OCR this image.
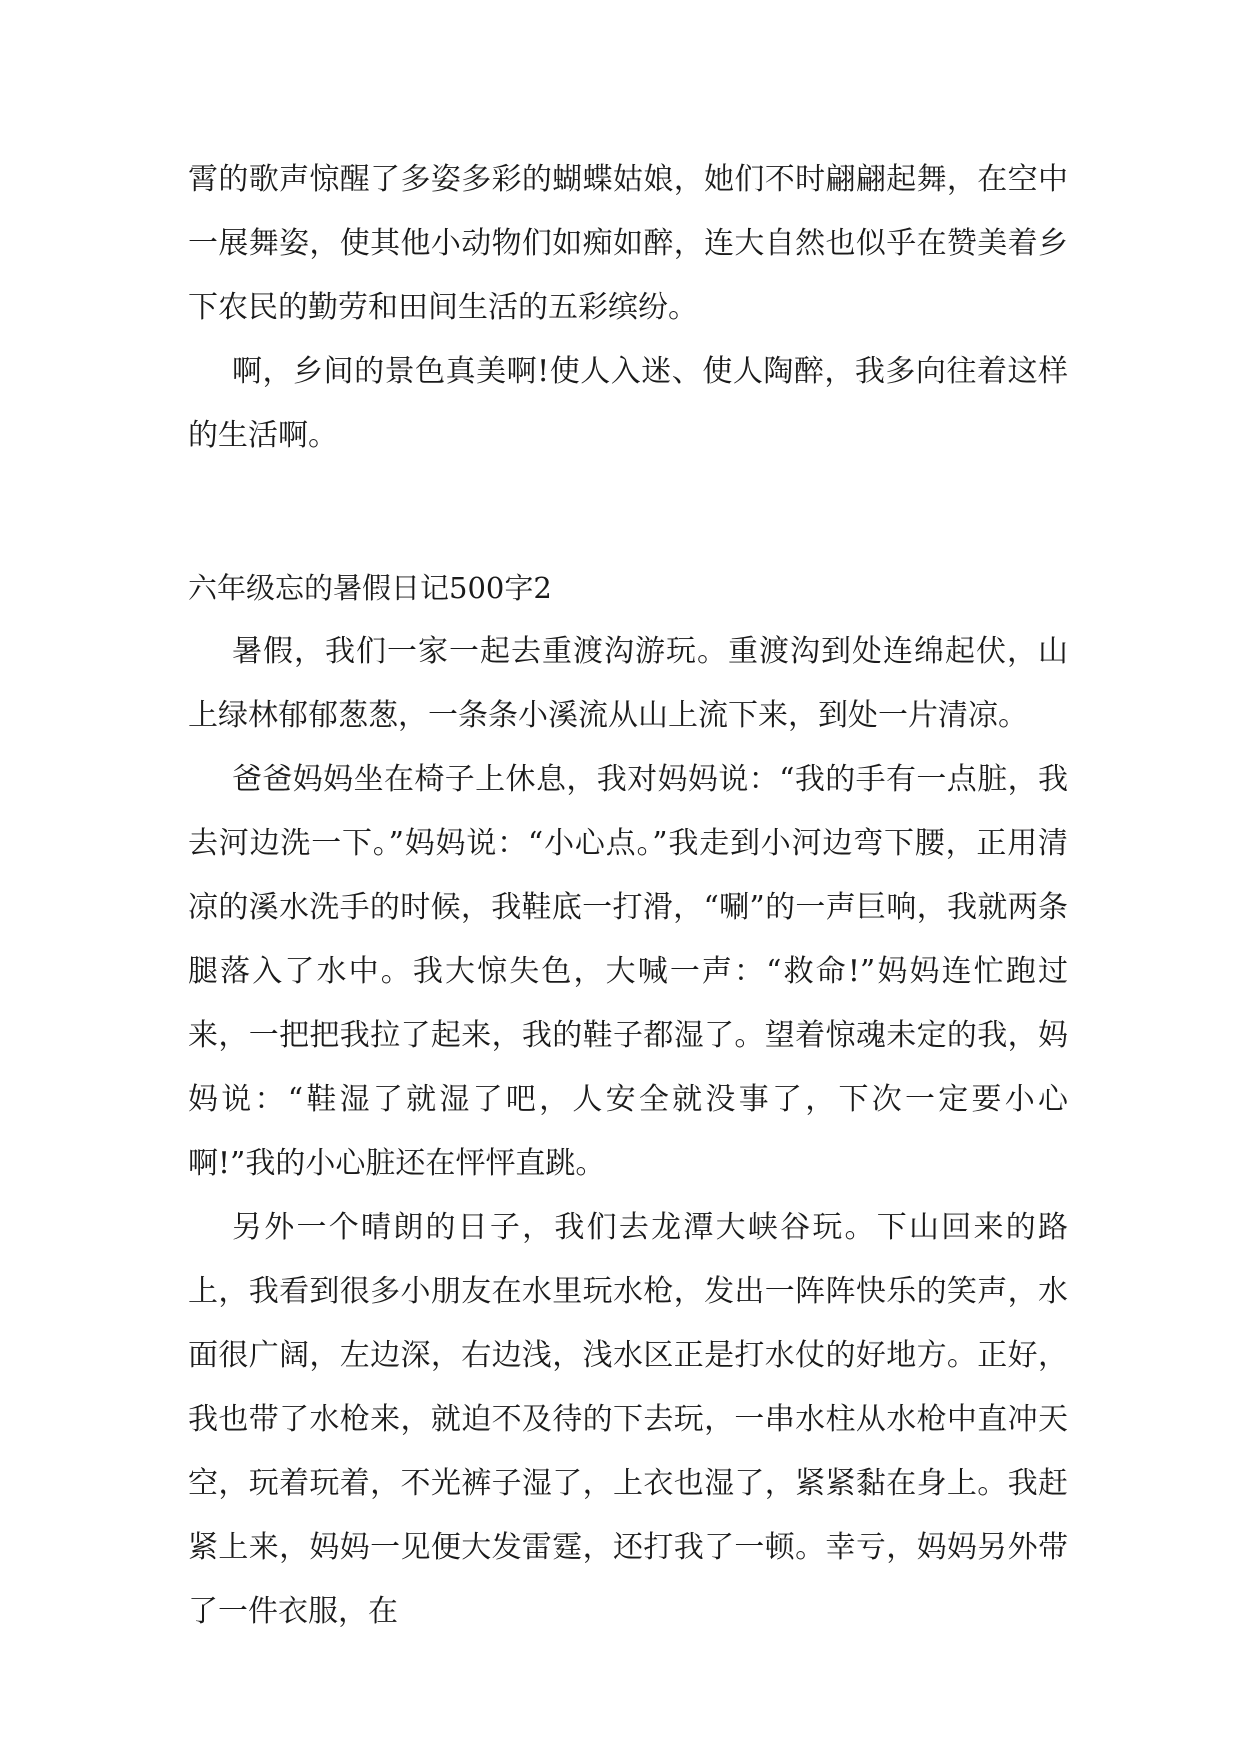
霄的歌声惊醒了多姿多彩的蝴蝶姑娘，她们不时翩翩起舞，在空中一展舞姿，使其他小动物们如痴如醉，连大自然也似乎在赞美着乡下农民的勤劳和田间生活的五彩缤纷。

啊，乡间的景色真美啊!使人入迷、使人陶醉，我多向往着这样的生活啊。

六年级忘的暑假日记500字2

暑假，我们一家一起去重渡沟游玩。重渡沟到处连绵起伏，山上绿林郁郁葱葱，一条条小溪流从山上流下来，到处一片清凉。

爸爸妈妈坐在椅子上休息，我对妈妈说：“我的手有一点脏，我去河边洗一下。”妈妈说：“小心点。”我走到小河边弯下腰，正用清凉的溪水洗手的时候，我鞋底一打滑，“唰”的一声巨响，我就两条腿落入了水中。我大惊失色，大喊一声：“救命!”妈妈连忙跑过来，一把把我拉了起来，我的鞋子都湿了。望着惊魂未定的我，妈妈说：“鞋湿了就湿了吧，人安全就没事了，下次一定要小心啊!”我的小心脏还在怦怦直跳。

另外一个晴朗的日子，我们去龙潭大峡谷玩。下山回来的路上，我看到很多小朋友在水里玩水枪，发出一阵阵快乐的笑声，水面很广阔，左边深，右边浅，浅水区正是打水仗的好地方。正好，我也带了水枪来，就迫不及待的下去玩，一串水柱从水枪中直冲天空，玩着玩着，不光裤子湿了，上衣也湿了，紧紧黏在身上。我赶紧上来，妈妈一见便大发雷霆，还打我了一顿。幸亏，妈妈另外带了一件衣服，在
